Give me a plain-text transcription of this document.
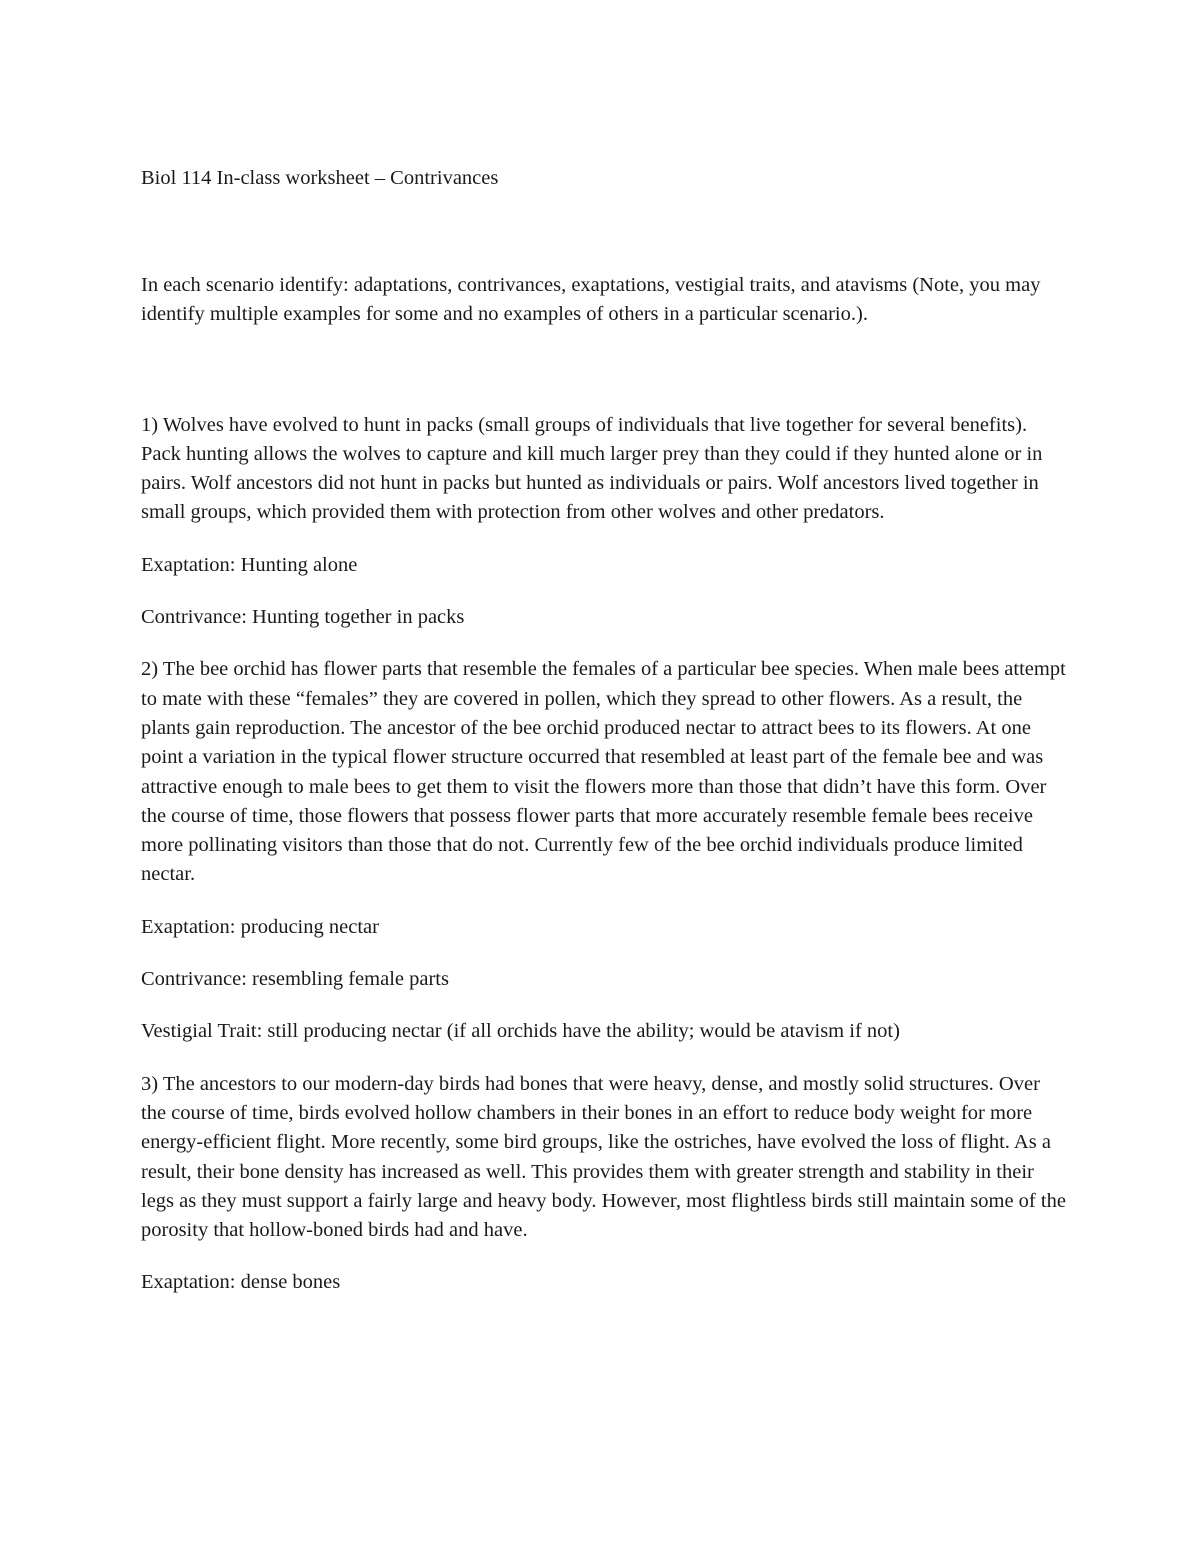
Biol 114 In-class worksheet – Contrivances

In each scenario identify: adaptations, contrivances, exaptations, vestigial traits, and atavisms (Note, you may identify multiple examples for some and no examples of others in a particular scenario.).

1) Wolves have evolved to hunt in packs (small groups of individuals that live together for several benefits). Pack hunting allows the wolves to capture and kill much larger prey than they could if they hunted alone or in pairs. Wolf ancestors did not hunt in packs but hunted as individuals or pairs. Wolf ancestors lived together in small groups, which provided them with protection from other wolves and other predators.

Exaptation: Hunting alone

Contrivance: Hunting together in packs

2) The bee orchid has flower parts that resemble the females of a particular bee species. When male bees attempt to mate with these “females” they are covered in pollen, which they spread to other flowers. As a result, the plants gain reproduction. The ancestor of the bee orchid produced nectar to attract bees to its flowers. At one point a variation in the typical flower structure occurred that resembled at least part of the female bee and was attractive enough to male bees to get them to visit the flowers more than those that didn’t have this form. Over the course of time, those flowers that possess flower parts that more accurately resemble female bees receive more pollinating visitors than those that do not. Currently few of the bee orchid individuals produce limited nectar.

Exaptation: producing nectar

Contrivance: resembling female parts

Vestigial Trait: still producing nectar (if all orchids have the ability; would be atavism if not)

3) The ancestors to our modern-day birds had bones that were heavy, dense, and mostly solid structures. Over the course of time, birds evolved hollow chambers in their bones in an effort to reduce body weight for more energy-efficient flight. More recently, some bird groups, like the ostriches, have evolved the loss of flight. As a result, their bone density has increased as well. This provides them with greater strength and stability in their legs as they must support a fairly large and heavy body. However, most flightless birds still maintain some of the porosity that hollow-boned birds had and have.

Exaptation: dense bones
